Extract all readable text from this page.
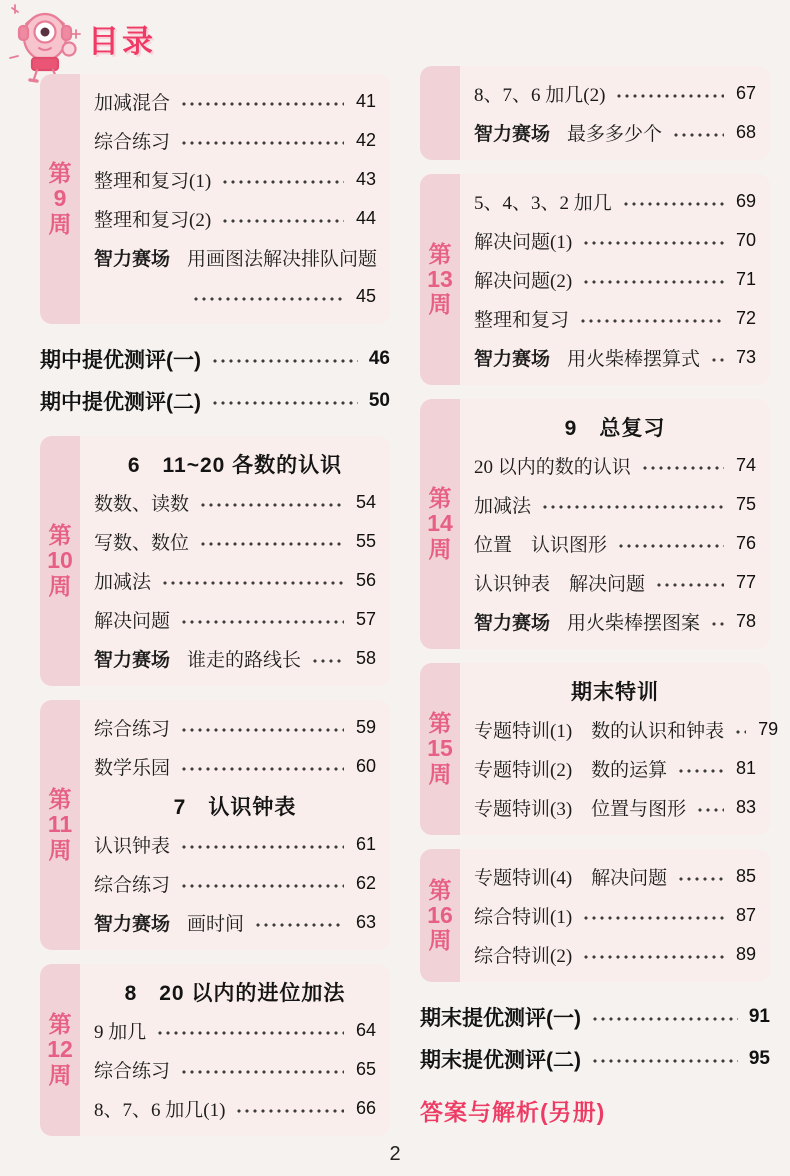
目录
第
9
周
加减混合	41
综合练习	42
整理和复习(1)	43
整理和复习(2)	44
智力赛场 用画图法解决排队问题
45
期中提优测评(一)	46
期中提优测评(二)	50
第
10
周
6　11~20 各数的认识
数数、读数	54
写数、数位	55
加减法	56
解决问题	57
智力赛场 谁走的路线长	58
第
11
周
综合练习	59
数学乐园	60
7　认识钟表
认识钟表	61
综合练习	62
智力赛场 画时间	63
第
12
周
8　20 以内的进位加法
9 加几	64
综合练习	65
8、7、6 加几(1)	66
8、7、6 加几(2)	67
智力赛场 最多多少个	68
第
13
周
5、4、3、2 加几	69
解决问题(1)	70
解决问题(2)	71
整理和复习	72
智力赛场 用火柴棒摆算式 73
第
14
周
9　总复习
20 以内的数的认识	74
加减法	75
位置　认识图形	76
认识钟表　解决问题	77
智力赛场 用火柴棒摆图案 78
第
15
周
期末特训
专题特训(1)　数的认识和钟表 79
专题特训(2)　数的运算	81
专题特训(3)　位置与图形	83
第
16
周
专题特训(4)　解决问题	85
综合特训(1)	87
综合特训(2)	89
期末提优测评(一)	91
期末提优测评(二)	95
答案与解析(另册)
2
